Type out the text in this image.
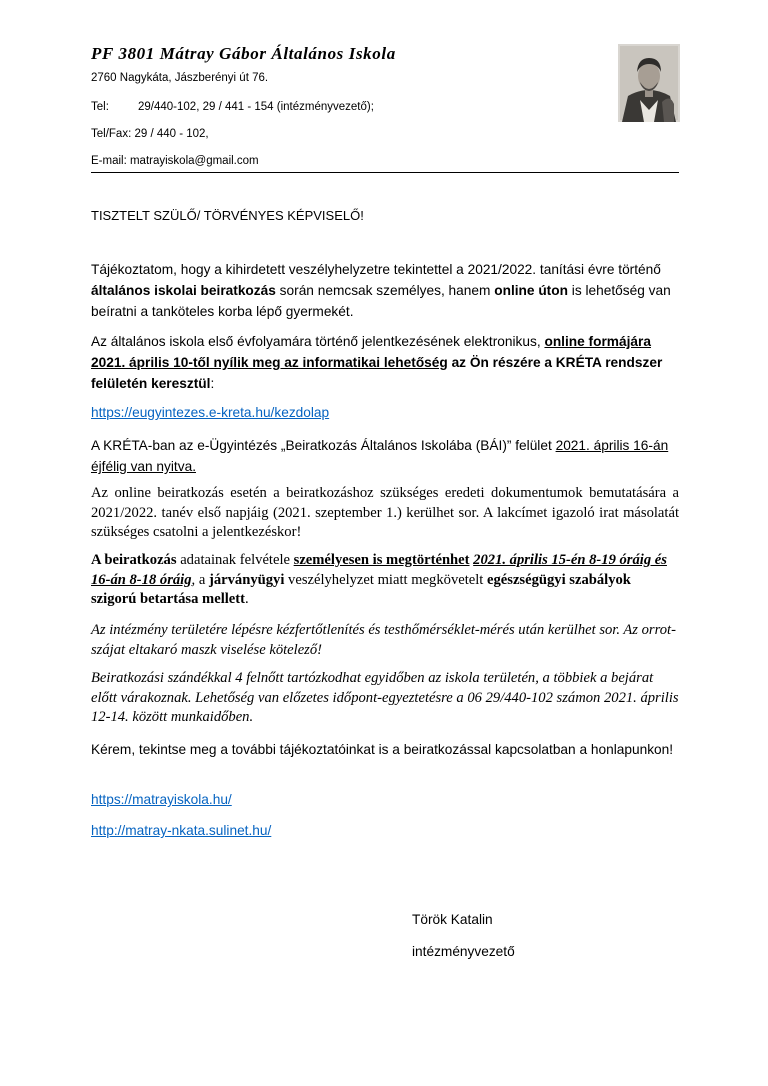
PF 3801 Mátray Gábor Általános Iskola
2760 Nagykáta, Jászberényi út 76.
Tel:	29/440-102, 29 / 441 - 154 (intézményvezető);
Tel/Fax: 29 / 440 - 102,
E-mail: matrayiskola@gmail.com
TISZTELT SZÜLŐ/ TÖRVÉNYES KÉPVISELŐ!
Tájékoztatom, hogy a kihirdetett veszélyhelyzetre tekintettel a 2021/2022. tanítási évre történő általános iskolai beiratkozás során nemcsak személyes, hanem online úton is lehetőség van beíratni a tanköteles korba lépő gyermekét.
Az általános iskola első évfolyamára történő jelentkezésének elektronikus, online formájára 2021. április 10-től nyílik meg az informatikai lehetőség az Ön részére a KRÉTA rendszer felületén keresztül:
https://eugyintezes.e-kreta.hu/kezdolap
A KRÉTA-ban az e-Ügyintézés „Beiratkozás Általános Iskolába (BÁI)” felület 2021. április 16-án éjfélig van nyitva.
Az online beiratkozás esetén a beiratkozáshoz szükséges eredeti dokumentumok bemutatására a 2021/2022. tanév első napjáig (2021. szeptember 1.) kerülhet sor. A lakcímet igazoló irat másolatát szükséges csatolni a jelentkezéskor!
A beiratkozás adatainak felvétele személyesen is megtörténhet 2021. április 15-én 8-19 óráig és 16-án 8-18 óráig, a járványügyi veszélyhelyzet miatt megkövetelt egészségügyi szabályok szigorú betartása mellett.
Az intézmény területére lépésre kézfertőtlenítés és testhőmérséklet-mérés után kerülhet sor. Az orrot-szájat eltakaró maszk viselése kötelező!
Beiratkozási szándékkal 4 felnőtt tartózkodhat egyidőben az iskola területén, a többiek a bejárat előtt várakoznak. Lehetőség van előzetes időpont-egyeztetésre a 06 29/440-102 számon 2021. április 12-14. között munkaidőben.
Kérem, tekintse meg a további tájékoztatóinkat is a beiratkozással kapcsolatban a honlapunkon!
https://matrayiskola.hu/
http://matray-nkata.sulinet.hu/
Török Katalin
intézményvezető
